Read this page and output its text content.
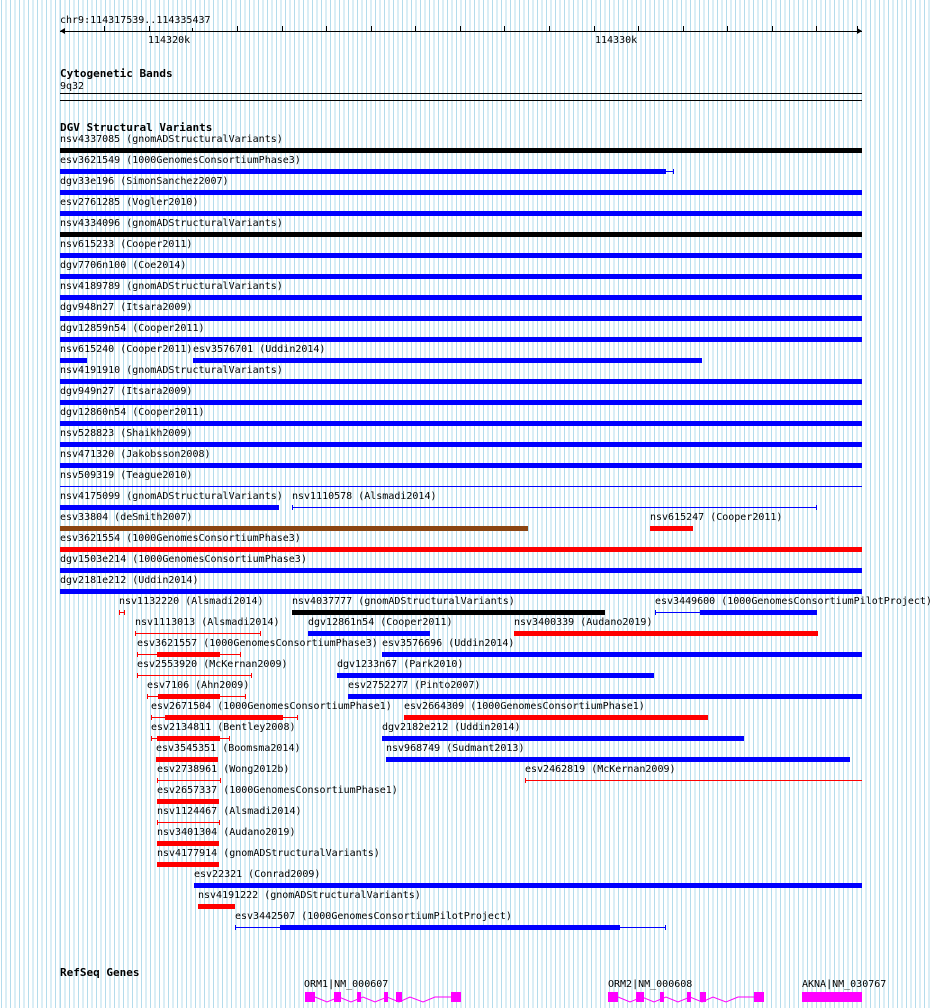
chr9:114317539..114335437
114320k	114330k
Cytogenetic Bands
9q32
DGV Structural Variants
nsv4337085 (gnomADStructuralVariants)
esv3621549 (1000GenomesConsortiumPhase3)
dgv33e196 (SimonSanchez2007)
esv2761285 (Vogler2010)
nsv4334096 (gnomADStructuralVariants)
nsv615233 (Cooper2011)
dgv7706n100 (Coe2014)
nsv4189789 (gnomADStructuralVariants)
dgv948n27 (Itsara2009)
dgv12859n54 (Cooper2011)
nsv615240 (Cooper2011) esv3576701 (Uddin2014)
nsv4191910 (gnomADStructuralVariants)
dgv949n27 (Itsara2009)
dgv12860n54 (Cooper2011)
nsv528823 (Shaikh2009)
nsv471320 (Jakobsson2008)
nsv509319 (Teague2010)
nsv4175099 (gnomADStructuralVariants) nsv1110578 (Alsmadi2014)
esv33804 (deSmith2007)	nsv615247 (Cooper2011)
esv3621554 (1000GenomesConsortiumPhase3)
dgv1503e214 (1000GenomesConsortiumPhase3)
dgv2181e212 (Uddin2014)
nsv1132220 (Alsmadi2014)	nsv4037777 (gnomADStructuralVariants)	esv3449600 (1000GenomesConsortiumPilotProject)
nsv1113013 (Alsmadi2014)	dgv12861n54 (Cooper2011)	nsv3400339 (Audano2019)
esv3621557 (1000GenomesConsortiumPhase3) esv3576696 (Uddin2014)
esv2553920 (McKernan2009)	dgv1233n67 (Park2010)
esv7106 (Ahn2009)	esv2752277 (Pinto2007)
esv2671504 (1000GenomesConsortiumPhase1) esv2664309 (1000GenomesConsortiumPhase1)
esv2134811 (Bentley2008)	dgv2182e212 (Uddin2014)
esv3545351 (Boomsma2014)	nsv968749 (Sudmant2013)
esv2738961 (Wong2012b)	esv2462819 (McKernan2009)
esv2657337 (1000GenomesConsortiumPhase1)
nsv1124467 (Alsmadi2014)
nsv3401304 (Audano2019)
nsv4177914 (gnomADStructuralVariants)
esv22321 (Conrad2009)
nsv4191222 (gnomADStructuralVariants)
esv3442507 (1000GenomesConsortiumPilotProject)
RefSeq Genes
ORM1|NM_000607	ORM2|NM_000608	AKNA|NM_030767
